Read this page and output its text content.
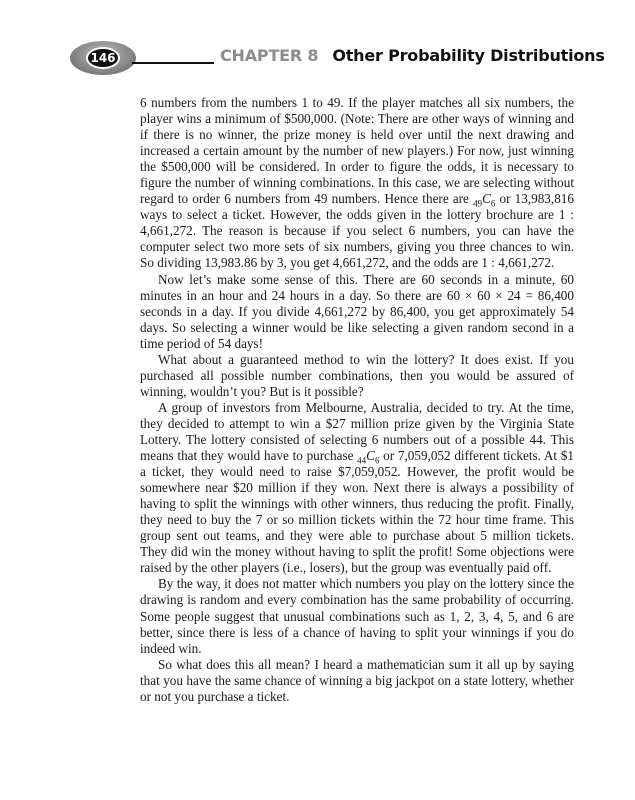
146	CHAPTER 8 Other Probability Distributions

6 numbers from the numbers 1 to 49. If the player matches all six numbers, the player wins a minimum of $500,000. (Note: There are other ways of winning and if there is no winner, the prize money is held over until the next drawing and increased a certain amount by the number of new players.) For now, just winning the $500,000 will be considered. In order to figure the odds, it is necessary to figure the number of winning combinations. In this case, we are selecting without regard to order 6 numbers from 49 numbers. Hence there are $_{49}C_6$ or 13,983,816 ways to select a ticket. However, the odds given in the lottery brochure are 1 : 4,661,272. The reason is because if you select 6 numbers, you can have the computer select two more sets of six numbers, giving you three chances to win. So dividing 13,983.86 by 3, you get 4,661,272, and the odds are 1 : 4,661,272.

Now let’s make some sense of this. There are 60 seconds in a minute, 60 minutes in an hour and 24 hours in a day. So there are 60 × 60 × 24 = 86,400 seconds in a day. If you divide 4,661,272 by 86,400, you get approximately 54 days. So selecting a winner would be like selecting a given random second in a time period of 54 days!

What about a guaranteed method to win the lottery? It does exist. If you purchased all possible number combinations, then you would be assured of winning, wouldn’t you? But is it possible?

A group of investors from Melbourne, Australia, decided to try. At the time, they decided to attempt to win a $27 million prize given by the Virginia State Lottery. The lottery consisted of selecting 6 numbers out of a possible 44. This means that they would have to purchase $_{44}C_6$ or 7,059,052 different tickets. At $1 a ticket, they would need to raise $7,059,052. However, the profit would be somewhere near $20 million if they won. Next there is always a possibility of having to split the winnings with other winners, thus reducing the profit. Finally, they need to buy the 7 or so million tickets within the 72 hour time frame. This group sent out teams, and they were able to purchase about 5 million tickets. They did win the money without having to split the profit! Some objections were raised by the other players (i.e., losers), but the group was eventually paid off.

By the way, it does not matter which numbers you play on the lottery since the drawing is random and every combination has the same probability of occurring. Some people suggest that unusual combinations such as 1, 2, 3, 4, 5, and 6 are better, since there is less of a chance of having to split your winnings if you do indeed win.

So what does this all mean? I heard a mathematician sum it all up by saying that you have the same chance of winning a big jackpot on a state lottery, whether or not you purchase a ticket.
